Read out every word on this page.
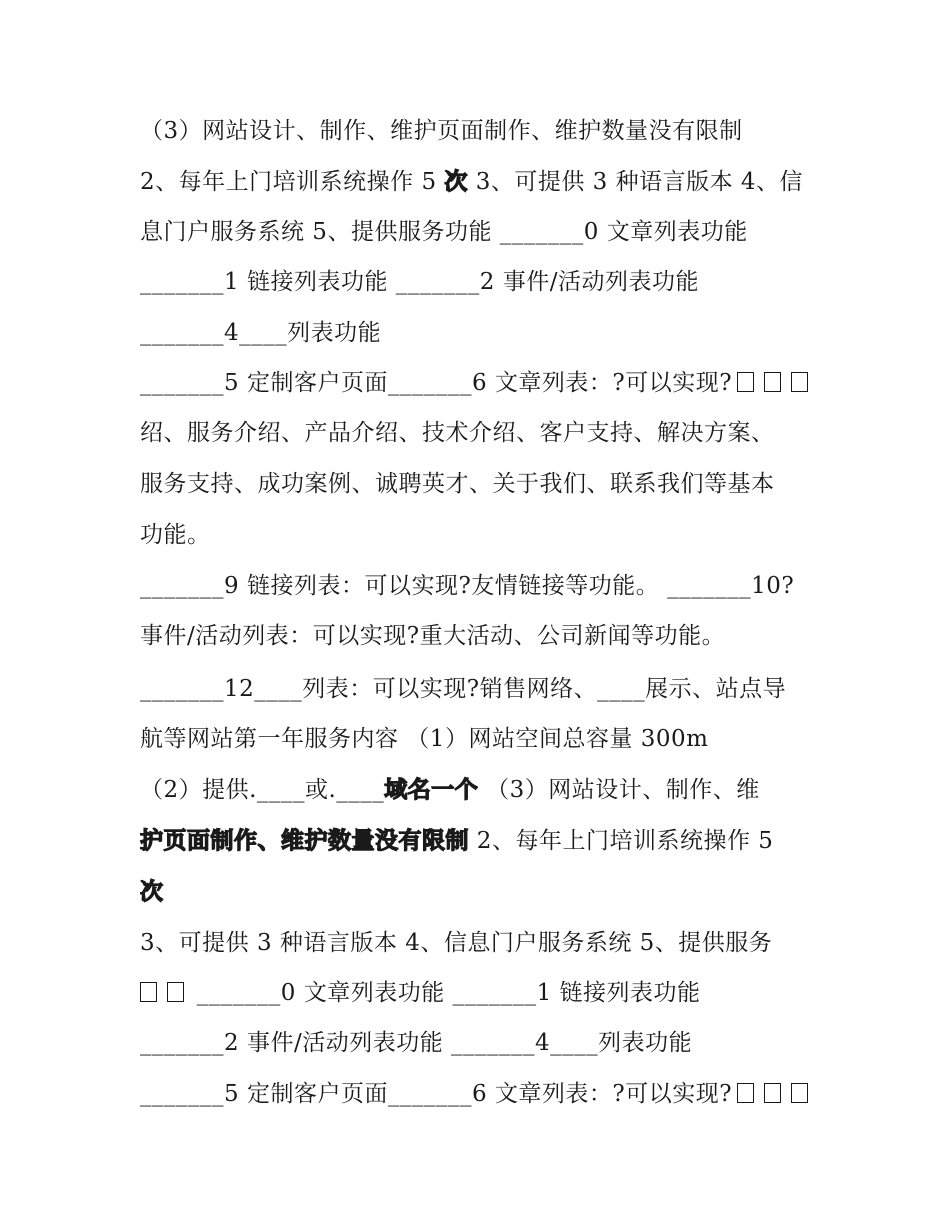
（3）网站设计、制作、维护页面制作、维护数量没有限制
2、每年上门培训系统操作 5 次 3、可提供 3 种语言版本 4、信
息门户服务系统 5、提供服务功能 _______0 文章列表功能
_______1 链接列表功能 _______2 事件/活动列表功能
_______4____列表功能
_______5 定制客户页面_______6 文章列表：?可以实现?
绍、服务介绍、产品介绍、技术介绍、客户支持、解决方案、
服务支持、成功案例、诚聘英才、关于我们、联系我们等基本
功能。
_______9 链接列表：可以实现?友情链接等功能。 _______10?
事件/活动列表：可以实现?重大活动、公司新闻等功能。
_______12____列表：可以实现?销售网络、____展示、站点导
航等网站第一年服务内容 （1）网站空间总容量 300m
（2）提供.____或.____域名一个 （3）网站设计、制作、维
护页面制作、维护数量没有限制 2、每年上门培训系统操作 5
次
3、可提供 3 种语言版本 4、信息门户服务系统 5、提供服务
_______0 文章列表功能 _______1 链接列表功能
_______2 事件/活动列表功能 _______4____列表功能
_______5 定制客户页面_______6 文章列表：?可以实现?
